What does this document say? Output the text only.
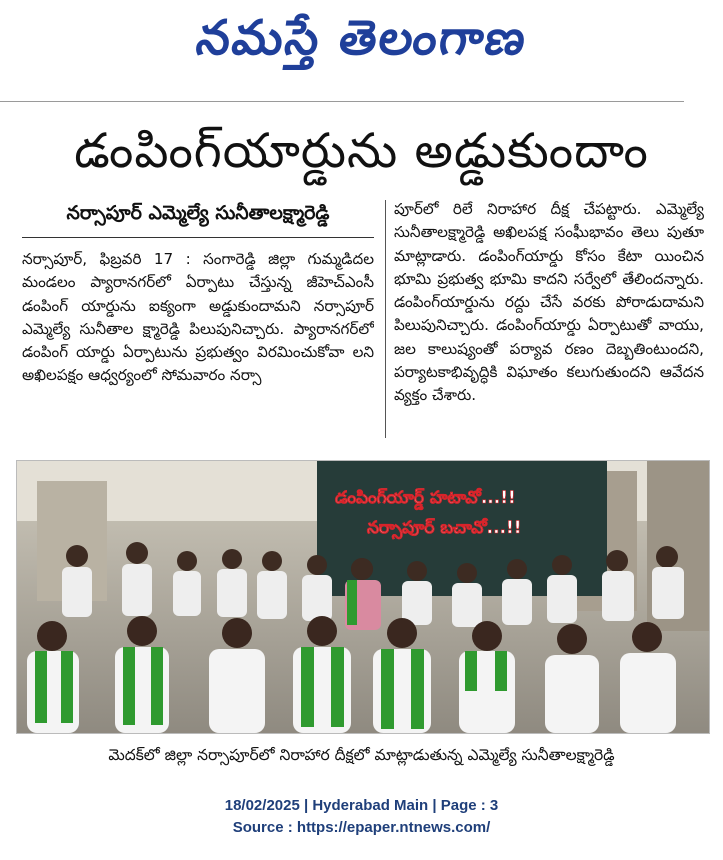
నమస్తే తెలంగాణ
డంపింగ్‌యార్డును అడ్డుకుందాం
నర్సాపూర్ ఎమ్మెల్యే సునీతాలక్ష్మారెడ్డి
నర్సాపూర్, ఫిబ్రవరి 17 : సంగారెడ్డి జిల్లా గుమ్మడిదల మండలం ప్యారానగర్‌లో ఏర్పాటు చేస్తున్న జీహెచ్ఎంసీ డంపింగ్ యార్డును ఐక్యంగా అడ్డుకుందామని నర్సాపూర్ ఎమ్మెల్యే సునీతాల క్ష్మారెడ్డి పిలుపునిచ్చారు. ప్యారానగర్‌లో డంపింగ్ యార్డు ఏర్పాటును ప్రభుత్వం విరమించుకోవా లని అఖిలపక్షం ఆధ్వర్యంలో సోమవారం నర్సా
పూర్‌లో రిలే నిరాహార దీక్ష చేపట్టారు. ఎమ్మెల్యే సునీతాలక్ష్మారెడ్డి అఖిలపక్ష సంఘీభావం తెలు పుతూ మాట్లాడారు. డంపింగ్‌యార్డు కోసం కేటా యించిన భూమి ప్రభుత్వ భూమి కాదని సర్వేలో తేలిందన్నారు. డంపింగ్‌యార్డును రద్దు చేసే వరకు పోరాడుదామని పిలుపునిచ్చారు. డంపింగ్‌యార్డు ఏర్పాటుతో వాయు, జల కాలుష్యంతో పర్యావ రణం దెబ్బతింటుందని, పర్యాటకాభివృద్ధికి విఘాతం కలుగుతుందని ఆవేదన వ్యక్తం చేశారు.
డంపింగ్‌యార్డ్ హటావో...!!
నర్సాపూర్ బచావో...!!
మెదక్‌లో జిల్లా నర్సాపూర్‌లో నిరాహార దీక్షలో మాట్లాడుతున్న ఎమ్మెల్యే సునీతాలక్ష్మారెడ్డి
18/02/2025 | Hyderabad Main | Page : 3
Source : https://epaper.ntnews.com/
